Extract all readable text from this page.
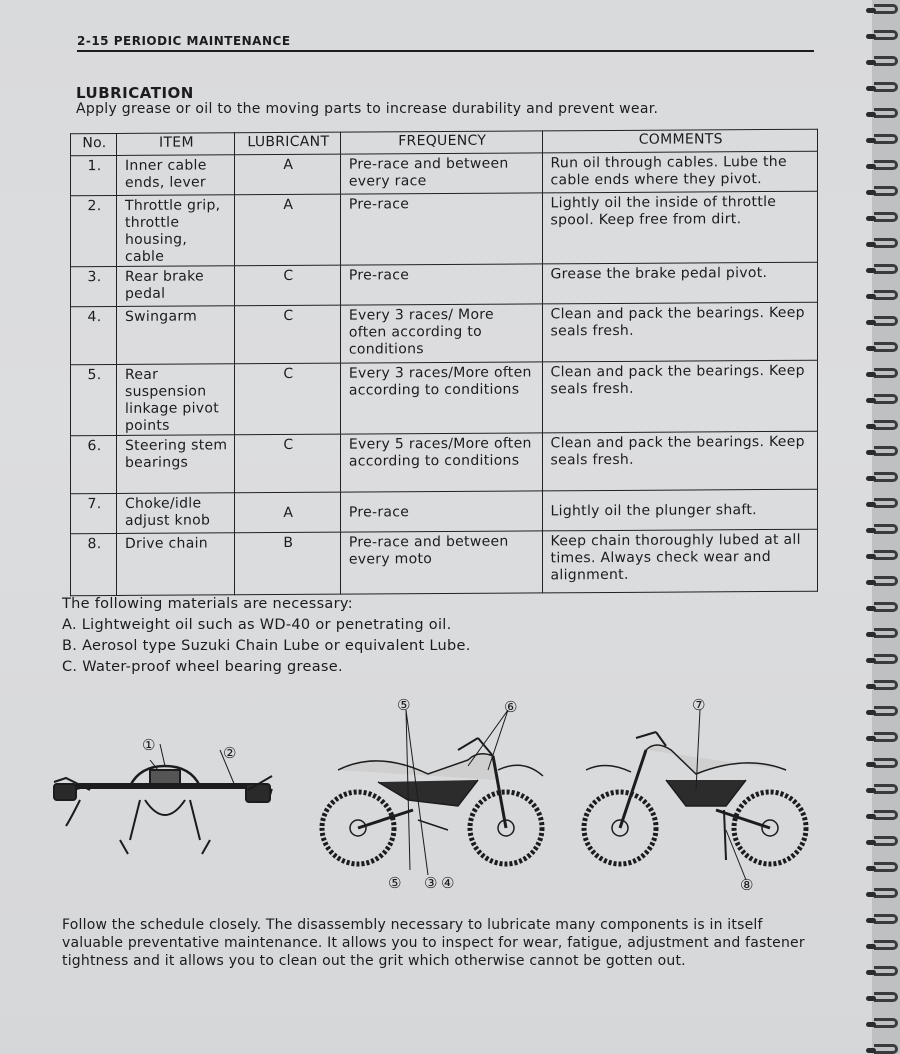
2-15 PERIODIC MAINTENANCE
LUBRICATION
Apply grease or oil to the moving parts to increase durability and prevent wear.
No.	ITEM	LUBRICANT	FREQUENCY	COMMENTS
1.	Inner cable ends, lever	A	Pre-race and between every race	Run oil through cables. Lube the cable ends where they pivot.
2.	Throttle grip, throttle housing, cable	A	Pre-race	Lightly oil the inside of throttle spool. Keep free from dirt.
3.	Rear brake pedal	C	Pre-race	Grease the brake pedal pivot.
4.	Swingarm	C	Every 3 races/ More often according to conditions	Clean and pack the bearings. Keep seals fresh.
5.	Rear suspension linkage pivot points	C	Every 3 races/More often according to conditions	Clean and pack the bearings. Keep seals fresh.
6.	Steering stem bearings	C	Every 5 races/More often according to conditions	Clean and pack the bearings. Keep seals fresh.
7.	Choke/idle adjust knob	A	Pre-race	Lightly oil the plunger shaft.
8.	Drive chain	B	Pre-race and between every moto	Keep chain thoroughly lubed at all times. Always check wear and alignment.
The following materials are necessary:
A. Lightweight oil such as WD-40 or penetrating oil.
B. Aerosol type Suzuki Chain Lube or equivalent Lube.
C. Water-proof wheel bearing grease.
①	②
⑤	⑥
⑤ ③ ④
⑦
⑧
Follow the schedule closely. The disassembly necessary to lubricate many components is in itself valuable preventative maintenance. It allows you to inspect for wear, fatigue, adjustment and fastener tightness and it allows you to clean out the grit which otherwise cannot be gotten out.
